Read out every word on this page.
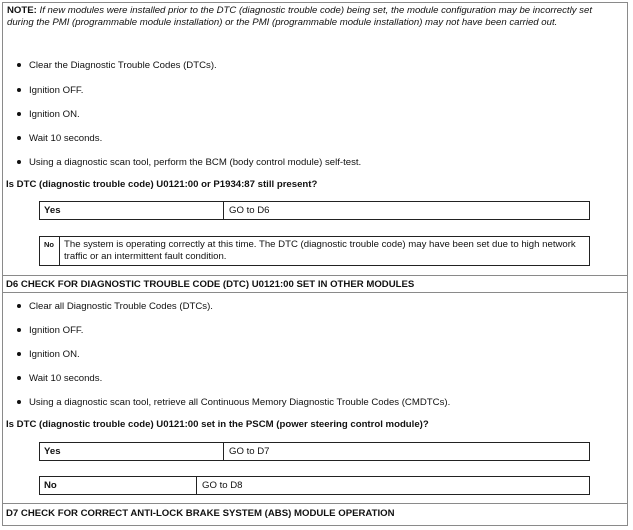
NOTE: If new modules were installed prior to the DTC (diagnostic trouble code) being set, the module configuration may be incorrectly set during the PMI (programmable module installation) or the PMI (programmable module installation) may not have been carried out.
Clear the Diagnostic Trouble Codes (DTCs).
Ignition OFF.
Ignition ON.
Wait 10 seconds.
Using a diagnostic scan tool, perform the BCM (body control module) self-test.
Is DTC (diagnostic trouble code) U0121:00 or P1934:87 still present?
Yes	GO to D6
No The system is operating correctly at this time. The DTC (diagnostic trouble code) may have been set due to high network traffic or an intermittent fault condition.
D6 CHECK FOR DIAGNOSTIC TROUBLE CODE (DTC) U0121:00 SET IN OTHER MODULES
Clear all Diagnostic Trouble Codes (DTCs).
Ignition OFF.
Ignition ON.
Wait 10 seconds.
Using a diagnostic scan tool, retrieve all Continuous Memory Diagnostic Trouble Codes (CMDTCs).
Is DTC (diagnostic trouble code) U0121:00 set in the PSCM (power steering control module)?
Yes	GO to D7
No	GO to D8
D7 CHECK FOR CORRECT ANTI-LOCK BRAKE SYSTEM (ABS) MODULE OPERATION
